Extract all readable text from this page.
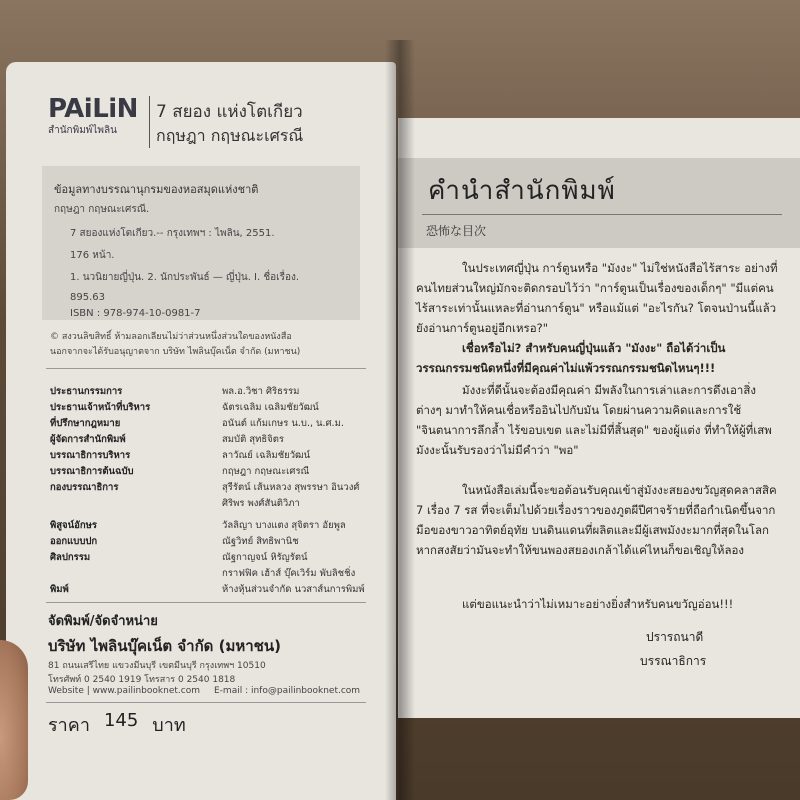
คำนำสำนักพิมพ์
恐怖な目次
ในประเทศญี่ปุ่น การ์ตูนหรือ "มังงะ" ไม่ใช่หนังสือไร้สาระ อย่างที่คนไทยส่วนใหญ่มักจะติดกรอบไว้ว่า "การ์ตูนเป็นเรื่องของเด็กๆ" "มีแต่คนไร้สาระเท่านั้นแหละที่อ่านการ์ตูน" หรือแม้แต่ "อะไรกัน? โตจนป่านนี้แล้วยังอ่านการ์ตูนอยู่อีกเหรอ?"
เชื่อหรือไม่? สำหรับคนญี่ปุ่นแล้ว "มังงะ" ถือได้ว่าเป็นวรรณกรรมชนิดหนึ่งที่มีคุณค่าไม่แพ้วรรณกรรมชนิดไหนๆ!!!
มังงะที่ดีนั้นจะต้องมีคุณค่า มีพลังในการเล่าและการดึงเอาสิ่งต่างๆ มาทำให้คนเชื่อหรืออินไปกับมัน โดยผ่านความคิดและการใช้ "จินตนาการลึกล้ำ ไร้ขอบเขต และไม่มีที่สิ้นสุด" ของผู้แต่ง ที่ทำให้ผู้ที่เสพมังงะนั้นรับรองว่าไม่มีคำว่า "พอ"
ในหนังสือเล่มนี้จะขอต้อนรับคุณเข้าสู่มังงะสยองขวัญสุดคลาสสิค 7 เรื่อง 7 รส ที่จะเต็มไปด้วยเรื่องราวของภูตผีปีศาจร้ายที่ถือกำเนิดขึ้นจากมือของขาวอาทิตย์อุทัย บนดินแดนที่ผลิตและมีผู้เสพมังงะมากที่สุดในโลก หากสงสัยว่ามันจะทำให้ขนพองสยองเกล้าได้แค่ไหนก็ขอเชิญให้ลอง
แต่ขอแนะนำว่าไม่เหมาะอย่างยิ่งสำหรับคนขวัญอ่อน!!!
ปรารถนาดี
บรรณาธิการ
PAiLiN
สำนักพิมพ์ไพลิน
7 สยอง แห่งโตเกียว
กฤษฎา กฤษณะเศรณี
ข้อมูลทางบรรณานุกรมของหอสมุดแห่งชาติ
กฤษฎา กฤษณะเศรณี.
7 สยองแห่งโตเกียว.-- กรุงเทพฯ : ไพลิน, 2551.
176 หน้า.
1. นวนิยายญี่ปุ่น. 2. นักประพันธ์ — ญี่ปุ่น. I. ชื่อเรื่อง.
895.63
ISBN : 978-974-10-0981-7
© สงวนลิขสิทธิ์ ห้ามลอกเลียนไม่ว่าส่วนหนึ่งส่วนใดของหนังสือ
นอกจากจะได้รับอนุญาตจาก บริษัท ไพลินบุ๊คเน็ต จำกัด (มหาชน)
ประธานกรรมการ	พล.อ.วิชา ศิริธรรม
ประธานเจ้าหน้าที่บริหาร	ฉัตรเฉลิม เฉลิมชัยวัฒน์
ที่ปรึกษากฎหมาย	อนันต์ แก้มเกษร น.บ., น.ศ.ม.
ผู้จัดการสำนักพิมพ์	สมบัติ สุทธิจิตร
บรรณาธิการบริหาร	ลาวัณย์ เฉลิมชัยวัฒน์
บรรณาธิการต้นฉบับ	กฤษฎา กฤษณะเศรณี
กองบรรณาธิการ	สุรีรัตน์ เส้นหลวง สุพรรษา อินวงศ์
ศิริพร พงศ์สันติวิภา
พิสูจน์อักษร	วัลลิญา บางแตง สุจิตรา อัยพูล
ออกแบบปก	ณัฐวิทย์ สิทธิพานิช
ศิลปกรรม	ณัฐกาญจน์ หิรัญรัตน์
กราฟฟิค เฮ้าส์ บุ๊คเวิร์ม พับลิชชิ่ง
พิมพ์	ห้างหุ้นส่วนจำกัด นวสาส์นการพิมพ์
จัดพิมพ์/จัดจำหน่าย
บริษัท ไพลินบุ๊คเน็ต จำกัด (มหาชน)
81 ถนนเสรีไทย แขวงมีนบุรี เขตมีนบุรี กรุงเทพฯ 10510
โทรศัพท์ 0 2540 1919 โทรสาร 0 2540 1818
Website | www.pailinbooknet.com E-mail : info@pailinbooknet.com
ราคา 145 บาท
